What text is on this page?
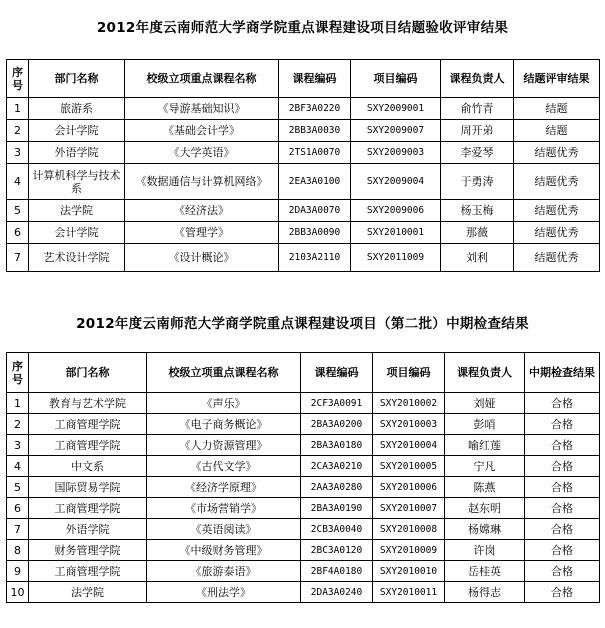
2012年度云南师范大学商学院重点课程建设项目结题验收评审结果
序号	部门名称	校级立项重点课程名称	课程编码	项目编码	课程负责人	结题评审结果
1	旅游系	《导游基础知识》	2BF3A0220	SXY2009001	俞竹青	结题
2	会计学院	《基础会计学》	2BB3A0030	SXY2009007	周开弟	结题
3	外语学院	《大学英语》	2TS1A0070	SXY2009003	李爱琴	结题优秀
4	计算机科学与技术系	《数据通信与计算机网络》	2EA3A0100	SXY2009004	于勇涛	结题优秀
5	法学院	《经济法》	2DA3A0070	SXY2009006	杨玉梅	结题优秀
6	会计学院	《管理学》	2BB3A0090	SXY2010001	那薇	结题优秀
7	艺术设计学院	《设计概论》	2103A2110	SXY2011009	刘利	结题优秀
2012年度云南师范大学商学院重点课程建设项目（第二批）中期检查结果
序号	部门名称	校级立项重点课程名称	课程编码	项目编码	课程负责人	中期检查结果
1	教育与艺术学院	《声乐》	2CF3A0091	SXY2010002	刘娅	合格
2	工商管理学院	《电子商务概论》	2BA3A0200	SXY2010003	彭哨	合格
3	工商管理学院	《人力资源管理》	2BA3A0180	SXY2010004	喻红莲	合格
4	中文系	《古代文学》	2CA3A0210	SXY2010005	宁凡	合格
5	国际贸易学院	《经济学原理》	2AA3A0280	SXY2010006	陈燕	合格
6	工商管理学院	《市场营销学》	2BA3A0190	SXY2010007	赵东明	合格
7	外语学院	《英语阅读》	2CB3A0040	SXY2010008	杨嫦琳	合格
8	财务管理学院	《中级财务管理》	2BC3A0120	SXY2010009	许岗	合格
9	工商管理学院	《旅游泰语》	2BF4A0180	SXY2010010	岳桂英	合格
10	法学院	《刑法学》	2DA3A0240	SXY2010011	杨得志	合格
